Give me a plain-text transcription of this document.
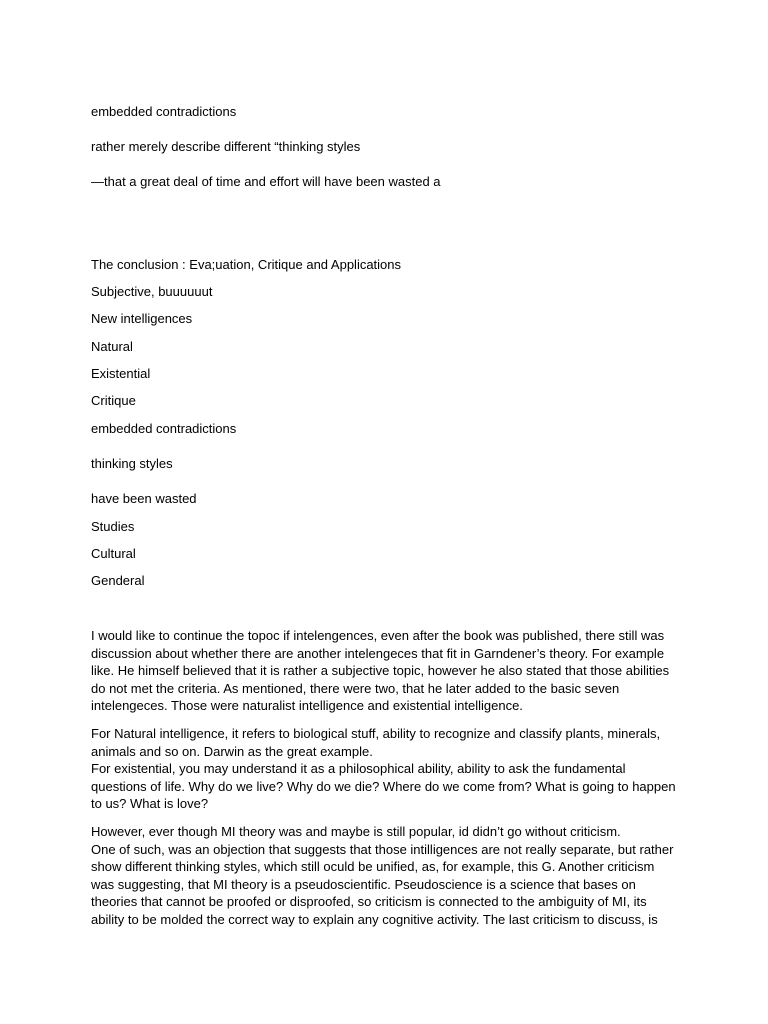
embedded contradictions
rather merely describe different “thinking styles
—that a great deal of time and effort will have been wasted a
The conclusion : Eva;uation, Critique and Applications
Subjective, buuuuuut
New intelligences
Natural
Existential
Critique
embedded contradictions
thinking styles
have been wasted
Studies
Cultural
Genderal
I would like to continue the topoc if intelengences, even after the book was published, there still was
discussion about whether there are another intelengeces that fit in Garndener’s theory. For example
like. He himself believed that it is rather a subjective topic, however he also stated that those abilities
do not met the criteria. As mentioned, there were two, that he later added to the basic seven
intelengeces. Those were naturalist intelligence and existential intelligence.
For Natural intelligence, it refers to biological stuff, ability to recognize and classify plants, minerals,
animals and so on. Darwin as the great example.
For existential, you may understand it as a philosophical ability, ability to ask the fundamental
questions of life. Why do we live? Why do we die? Where do we come from? What is going to happen
to us? What is love?
However, ever though MI theory was and maybe is still popular, id didn’t go without criticism.
One of such, was an objection that suggests that those intilligences are not really separate, but rather
show different thinking styles, which still oculd be unified, as, for example, this G. Another criticism
was suggesting, that MI theory is a pseudoscientific. Pseudoscience is a science that bases on
theories that cannot be proofed or disproofed, so criticism is connected to the ambiguity of MI, its
ability to be molded the correct way to explain any cognitive activity. The last criticism to discuss, is
